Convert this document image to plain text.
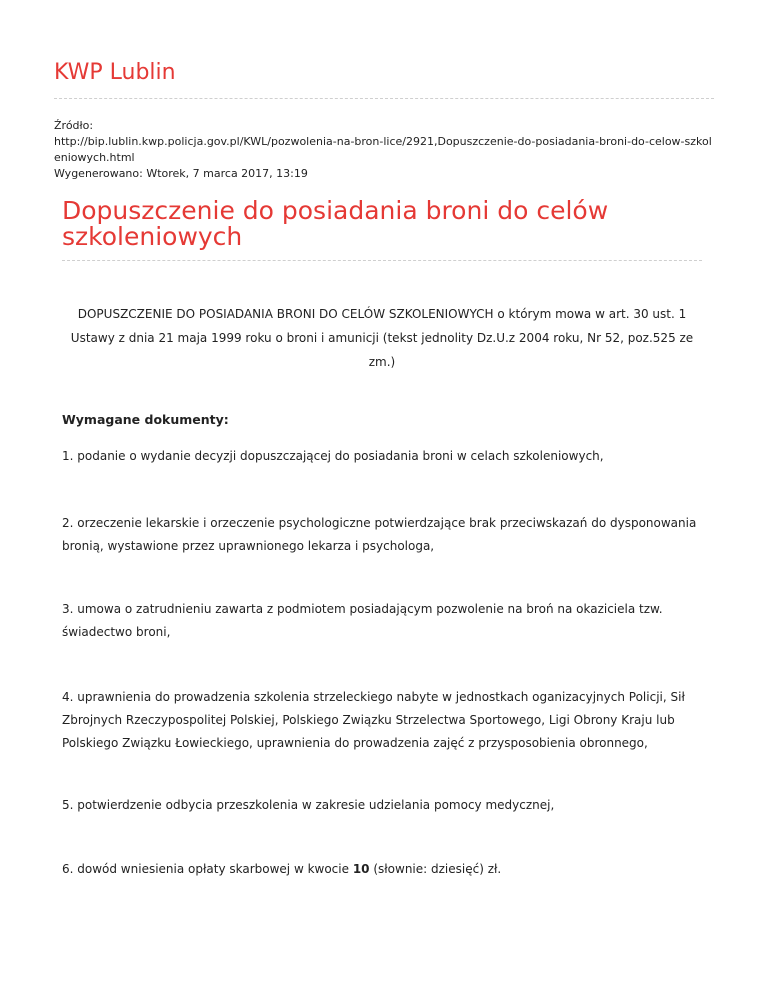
KWP Lublin
Źródło:
http://bip.lublin.kwp.policja.gov.pl/KWL/pozwolenia-na-bron-lice/2921,Dopuszczenie-do-posiadania-broni-do-celow-szkoleniowych.html
Wygenerowano: Wtorek, 7 marca 2017, 13:19
Dopuszczenie do posiadania broni do celów szkoleniowych

DOPUSZCZENIE DO POSIADANIA BRONI DO CELÓW SZKOLENIOWYCH o którym mowa w art. 30 ust. 1 Ustawy z dnia 21 maja 1999 roku o broni i amunicji (tekst jednolity Dz.U.z 2004 roku, Nr 52, poz.525 ze zm.)

Wymagane dokumenty:

1. podanie o wydanie decyzji dopuszczającej do posiadania broni w celach szkoleniowych,

2. orzeczenie lekarskie i orzeczenie psychologiczne potwierdzające brak przeciwskazań do dysponowania bronią, wystawione przez uprawnionego lekarza i psychologa,

3. umowa o zatrudnieniu zawarta z podmiotem posiadającym pozwolenie na broń na okaziciela tzw. świadectwo broni,

4. uprawnienia do prowadzenia szkolenia strzeleckiego nabyte w jednostkach oganizacyjnych Policji, Sił Zbrojnych Rzeczypospolitej Polskiej, Polskiego Związku Strzelectwa Sportowego, Ligi Obrony Kraju lub Polskiego Związku Łowieckiego, uprawnienia do prowadzenia zajęć z przysposobienia obronnego,

5. potwierdzenie odbycia przeszkolenia w zakresie udzielania pomocy medycznej,

6. dowód wniesienia opłaty skarbowej w kwocie 10 (słownie: dziesięć) zł.
